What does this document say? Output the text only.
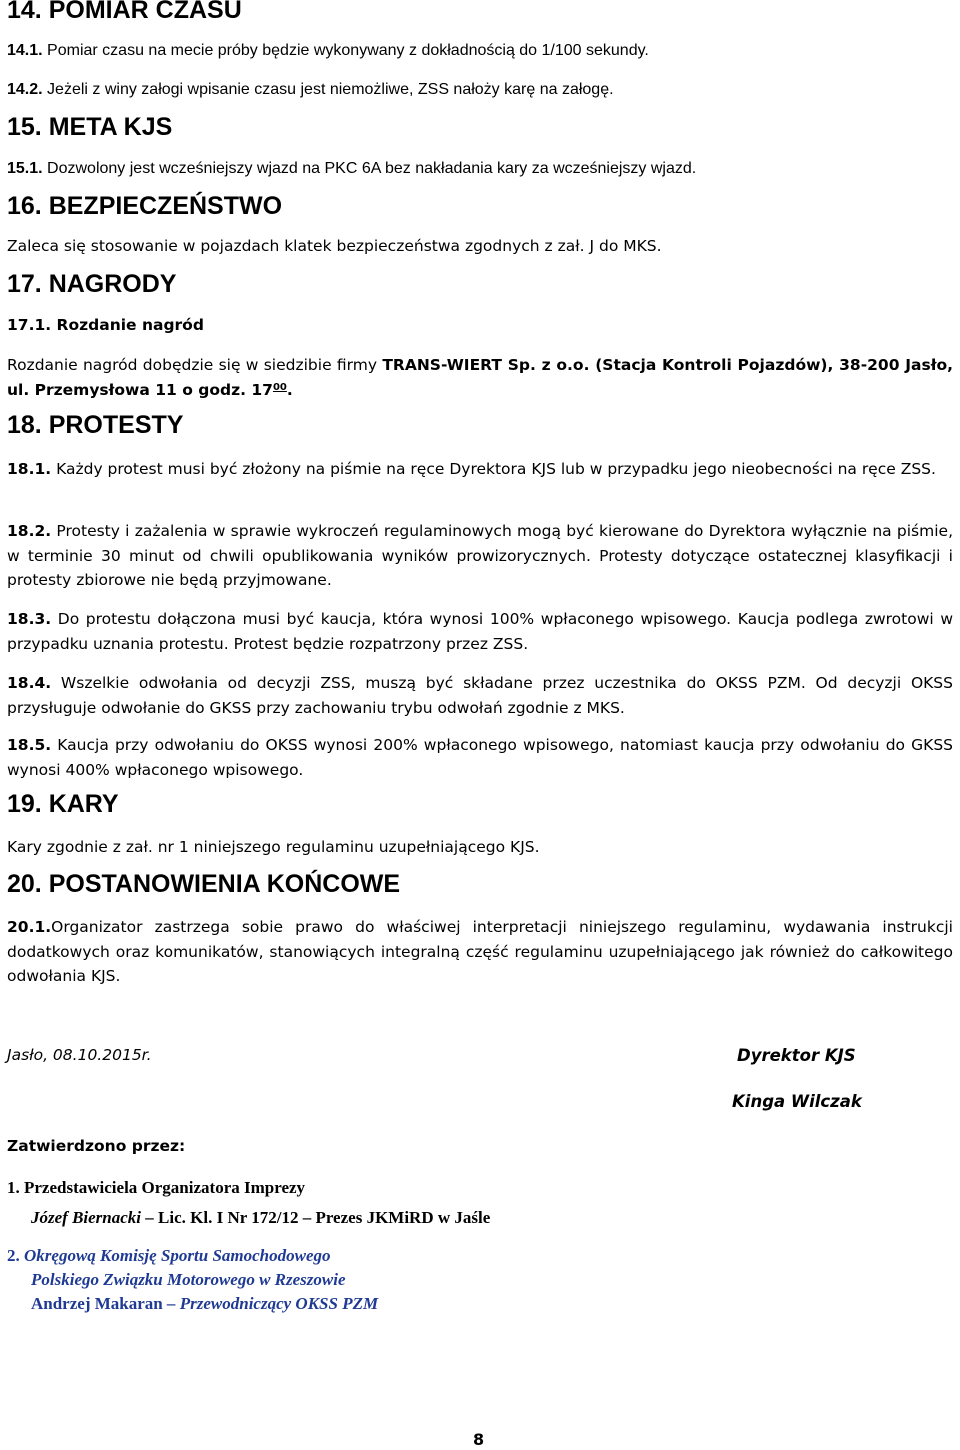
14. POMIAR CZASU
14.1. Pomiar czasu na mecie próby będzie wykonywany z dokładnością do 1/100 sekundy.
14.2. Jeżeli z winy załogi wpisanie czasu jest niemożliwe, ZSS nałoży karę na załogę.
15. META KJS
15.1. Dozwolony jest wcześniejszy wjazd na PKC 6A bez nakładania kary za wcześniejszy wjazd.
16. BEZPIECZEŃSTWO
Zaleca się stosowanie w pojazdach klatek bezpieczeństwa zgodnych z zał. J do MKS.
17. NAGRODY
17.1. Rozdanie nagród
Rozdanie nagród dobędzie się w siedzibie firmy TRANS-WIERT Sp. z o.o. (Stacja Kontroli Pojazdów), 38-200 Jasło, ul. Przemysłowa 11 o godz. $17^{00}$.
18. PROTESTY
18.1. Każdy protest musi być złożony na piśmie na ręce Dyrektora KJS lub w przypadku jego nieobecności na ręce ZSS.
18.2. Protesty i zażalenia w sprawie wykroczeń regulaminowych mogą być kierowane do Dyrektora wyłącznie na piśmie, w terminie 30 minut od chwili opublikowania wyników prowizorycznych. Protesty dotyczące ostatecznej klasyfikacji i protesty zbiorowe nie będą przyjmowane.
18.3. Do protestu dołączona musi być kaucja, która wynosi 100% wpłaconego wpisowego. Kaucja podlega zwrotowi w przypadku uznania protestu. Protest będzie rozpatrzony przez ZSS.
18.4. Wszelkie odwołania od decyzji ZSS, muszą być składane przez uczestnika do OKSS PZM. Od decyzji OKSS przysługuje odwołanie do GKSS przy zachowaniu trybu odwołań zgodnie z MKS.
18.5. Kaucja przy odwołaniu do OKSS wynosi 200% wpłaconego wpisowego, natomiast kaucja przy odwołaniu do GKSS wynosi 400% wpłaconego wpisowego.
19. KARY
Kary zgodnie z zał. nr 1 niniejszego regulaminu uzupełniającego KJS.
20. POSTANOWIENIA KOŃCOWE
20.1.Organizator zastrzega sobie prawo do właściwej interpretacji niniejszego regulaminu, wydawania instrukcji dodatkowych oraz komunikatów, stanowiących integralną część regulaminu uzupełniającego jak również do całkowitego odwołania KJS.
Jasło, 08.10.2015r.	Dyrektor KJS
Kinga Wilczak
Zatwierdzono przez:
1. Przedstawiciela Organizatora Imprezy
Józef Biernacki – Lic. Kl. I Nr 172/12 – Prezes JKMiRD w Jaśle
2. Okręgową Komisję Sportu Samochodowego
Polskiego Związku Motorowego w Rzeszowie
Andrzej Makaran – Przewodniczący OKSS PZM
8
